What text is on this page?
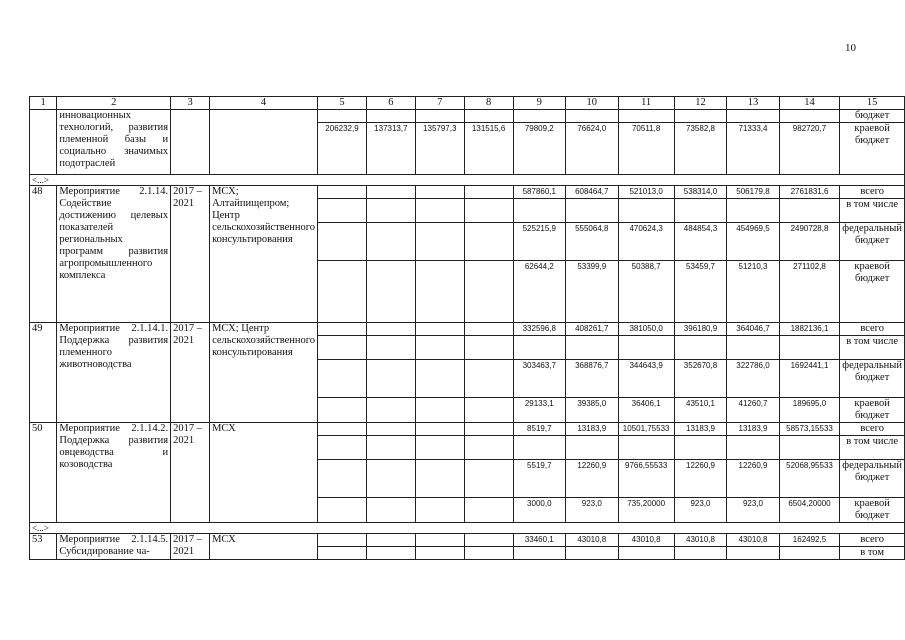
10
1	2	3	4	5	6	7	8	9	10	11	12	13	14	15
	инновационных технологий, развития племенной базы и социально значимых подотраслей													бюджет
				206232,9	137313,7	135797,3	131515,6	79809,2	76624,0	70511,8	73582,8	71333,4	982720,7	краевой бюджет
<...>														
48	Мероприятие 2.1.14. Содействие достижению целевых показателей региональных программ развития агропромышленного комплекса	2017 – 2021	МСХ; Алтайпищепром; Центр сельскохозяйственного консультирования					587860,1	608464,7	521013,0	538314,0	506179,8	2761831,6	всего
														в том числе
								525215,9	555064,8	470624,3	484854,3	454969,5	2490728,8	федеральный бюджет
								62644,2	53399,9	50388,7	53459,7	51210,3	271102,8	краевой бюджет
49	Мероприятие 2.1.14.1. Поддержка развития племенного животноводства	2017 – 2021	МСХ; Центр сельскохозяйственного консультирования					332596,8	408261,7	381050,0	396180,9	364046,7	1882136,1	всего
														в том числе
								303463,7	368876,7	344643,9	352670,8	322786,0	1692441,1	федеральный бюджет
								29133,1	39385,0	36406,1	43510,1	41260,7	189695,0	краевой бюджет
50	Мероприятие 2.1.14.2. Поддержка развития овцеводства и козоводства	2017 – 2021	МСХ					8519,7	13183,9	10501,75533	13183,9	13183,9	58573,15533	всего
														в том числе
								5519,7	12260,9	9766,55533	12260,9	12260,9	52068,95533	федеральный бюджет
								3000,0	923,0	735,20000	923,0	923,0	6504,20000	краевой бюджет
<...>														
53	Мероприятие 2.1.14.5. Субсидирование ча-	2017 – 2021	МСХ					33460,1	43010,8	43010,8	43010,8	43010,8	162492,5	всего
														в том
